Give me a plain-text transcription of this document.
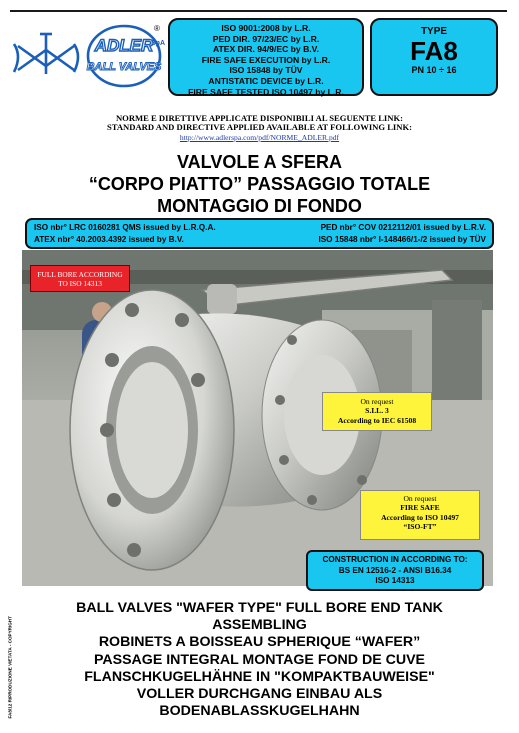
ADLER
SpA
BALL VALVES
®	ISO 9001:2008 by L.R.
PED DIR. 97/23/EC by L.R.
ATEX DIR. 94/9/EC by B.V.
FIRE SAFE EXECUTION by L.R.
ISO 15848 by TÜV
ANTISTATIC DEVICE by L.R.
FIRE SAFE TESTED ISO 10497 by L.R.
TYPE
FA8
PN 10 ÷ 16
NORME E DIRETTIVE APPLICATE DISPONIBILI AL SEGUENTE LINK:
STANDARD AND DIRECTIVE APPLIED AVAILABLE AT FOLLOWING LINK:
http://www.adlerspa.com/pdf/NORME_ADLER.pdf
VALVOLE A SFERA
“CORPO PIATTO” PASSAGGIO TOTALE
MONTAGGIO DI FONDO
ISO nbr° LRC 0160281 QMS issued by L.R.Q.A.	PED nbr° COV 0212112/01 issued by L.R.V.
ATEX nbr° 40.2003.4392 issued by B.V.	ISO 15848 nbr° I-148466/1-/2 issued by TÜV
FULL BORE ACCORDING
TO ISO 14313
On request
S.I.L. 3
According to IEC 61508
On request
FIRE SAFE
According to ISO 10497
“ISO-FT”
CONSTRUCTION IN ACCORDING TO:
BS EN 12516-2 - ANSI B16.34
ISO 14313
FA8/12 RIPRODUZIONE VIETATA - COPYRIGHT
BALL VALVES "WAFER TYPE" FULL BORE END TANK
ASSEMBLING
ROBINETS A BOISSEAU SPHERIQUE “WAFER”
PASSAGE INTEGRAL MONTAGE FOND DE CUVE
FLANSCHKUGELHÄHNE IN "KOMPAKTBAUWEISE"
VOLLER DURCHGANG EINBAU ALS
BODENABLASSKUGELHAHN
